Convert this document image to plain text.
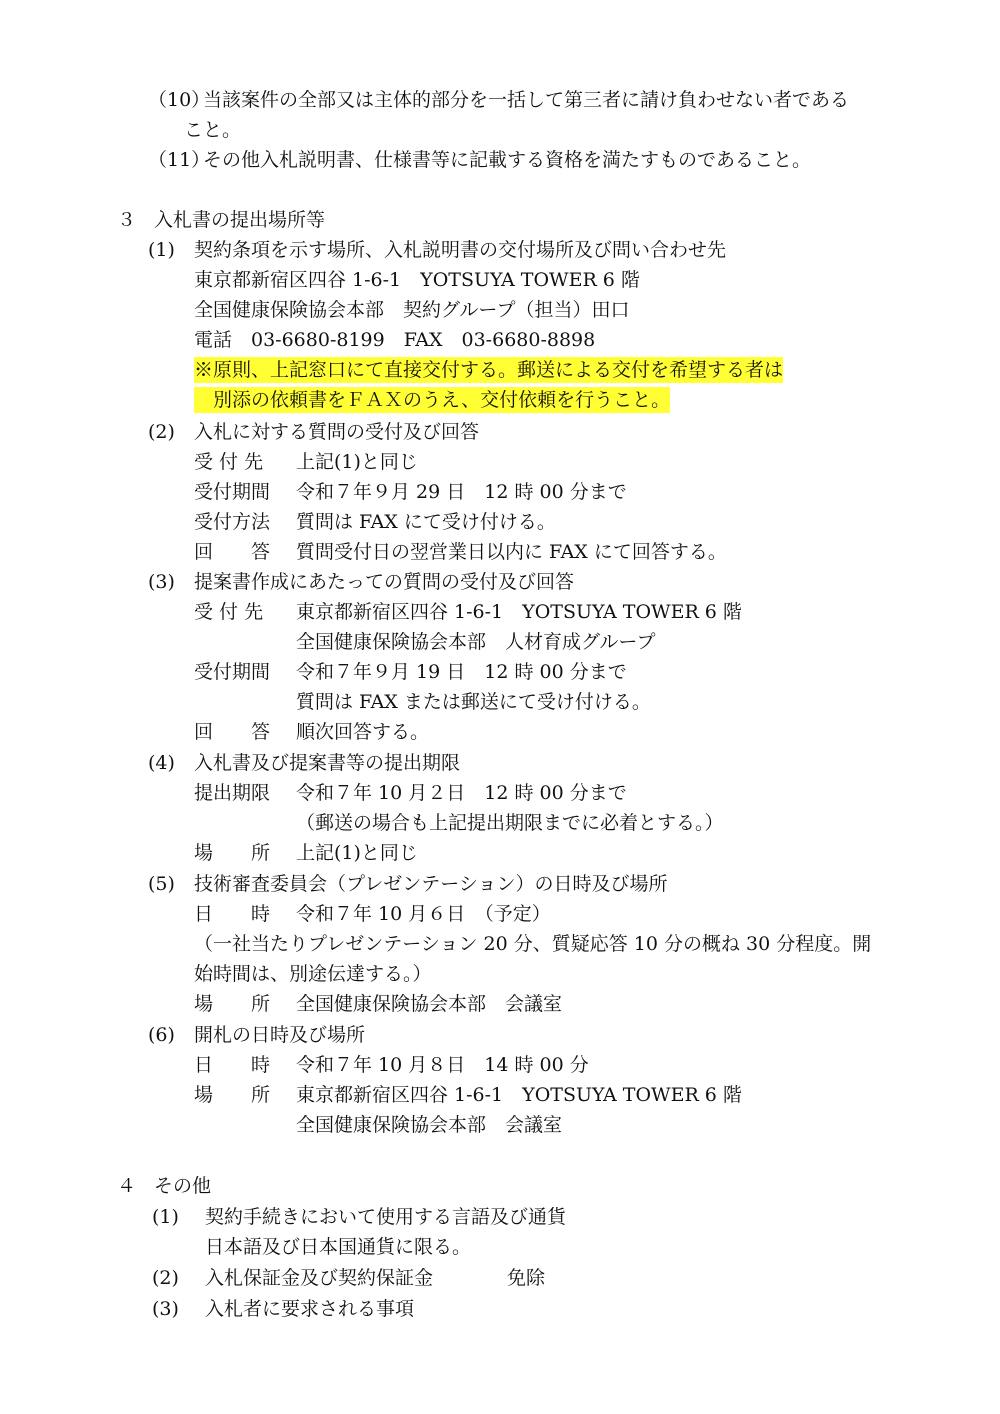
（10）
当該案件の全部又は主体的部分を一括して第三者に請け負わせない者である
こと。
（11）
その他入札説明書、仕様書等に記載する資格を満たすものであること。
３ 入札書の提出場所等
(1) 契約条項を示す場所、入札説明書の交付場所及び問い合わせ先
東京都新宿区四谷 1-6-1　YOTSUYA TOWER 6 階
全国健康保険協会本部　契約グループ（担当）田口
電話　03-6680-8199　FAX　03-6680-8898
※原則、上記窓口にて直接交付する。郵送による交付を希望する者は
　別添の依頼書をＦＡＸのうえ、交付依頼を行うこと。
(2) 入札に対する質問の受付及び回答
受 付 先 上記(1)と同じ
受付期間 令和７年９月 29 日　12 時 00 分まで
受付方法 質問は FAX にて受け付ける。
回　　答 質問受付日の翌営業日以内に FAX にて回答する。
(3) 提案書作成にあたっての質問の受付及び回答
受 付 先 東京都新宿区四谷 1-6-1　YOTSUYA TOWER 6 階
全国健康保険協会本部　人材育成グループ
受付期間 令和７年９月 19 日　12 時 00 分まで
質問は FAX または郵送にて受け付ける。
回　　答 順次回答する。
(4) 入札書及び提案書等の提出期限
提出期限 令和７年 10 月２日　12 時 00 分まで
（郵送の場合も上記提出期限までに必着とする。）
場　　所 上記(1)と同じ
(5) 技術審査委員会（プレゼンテーション）の日時及び場所
日　　時 令和７年 10 月６日　（予定）
（一社当たりプレゼンテーション 20 分、質疑応答 10 分の概ね 30 分程度。開
始時間は、別途伝達する。）
場　　所 全国健康保険協会本部　会議室
(6) 開札の日時及び場所
日　　時 令和７年 10 月８日　14 時 00 分
場　　所 東京都新宿区四谷 1-6-1　YOTSUYA TOWER 6 階
全国健康保険協会本部　会議室
４ その他
(1) 契約手続きにおいて使用する言語及び通貨
日本語及び日本国通貨に限る。
(2) 入札保証金及び契約保証金	免除
(3) 入札者に要求される事項
